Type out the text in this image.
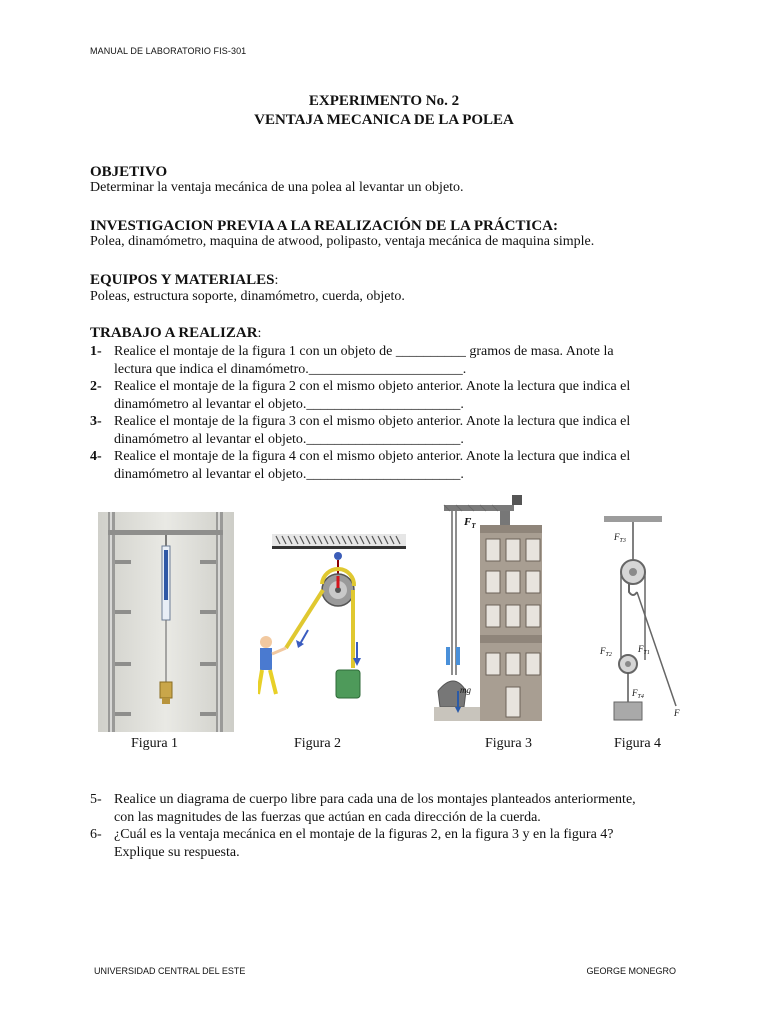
MANUAL DE LABORATORIO FIS-301
EXPERIMENTO No. 2
VENTAJA MECANICA DE LA POLEA
OBJETIVO
Determinar la ventaja mecánica de una polea al levantar un objeto.
INVESTIGACION PREVIA A LA REALIZACIÓN DE LA PRÁCTICA:
Polea, dinamómetro, maquina de atwood, polipasto, ventaja mecánica de maquina simple.
EQUIPOS Y MATERIALES:
Poleas, estructura soporte, dinamómetro, cuerda, objeto.
TRABAJO A REALIZAR:
1- Realice el montaje de la figura 1 con un objeto de __________ gramos de masa. Anote la
lectura que indica el dinamómetro.______________________.
2- Realice el montaje de la figura 2 con el mismo objeto anterior. Anote la lectura que indica el
dinamómetro al levantar el objeto.______________________.
3- Realice el montaje de la figura 3 con el mismo objeto anterior. Anote la lectura que indica el
dinamómetro al levantar el objeto.______________________.
4- Realice el montaje de la figura 4 con el mismo objeto anterior. Anote la lectura que indica el
dinamómetro al levantar el objeto.______________________.
$F_T$
mg
$F_{T3}$
$F_{T2}$
$F_{T1}$
$F_{T4}$
F
Figura 1	Figura 2	Figura 3	Figura 4
5- Realice un diagrama de cuerpo libre para cada una de los montajes planteados anteriormente,
con las magnitudes de las fuerzas que actúan en cada dirección de la cuerda.
6- ¿Cuál es la ventaja mecánica en el montaje de la figuras 2, en la figura 3 y en la figura 4?
Explique su respuesta.
UNIVERSIDAD CENTRAL DEL ESTE	GEORGE MONEGRO
